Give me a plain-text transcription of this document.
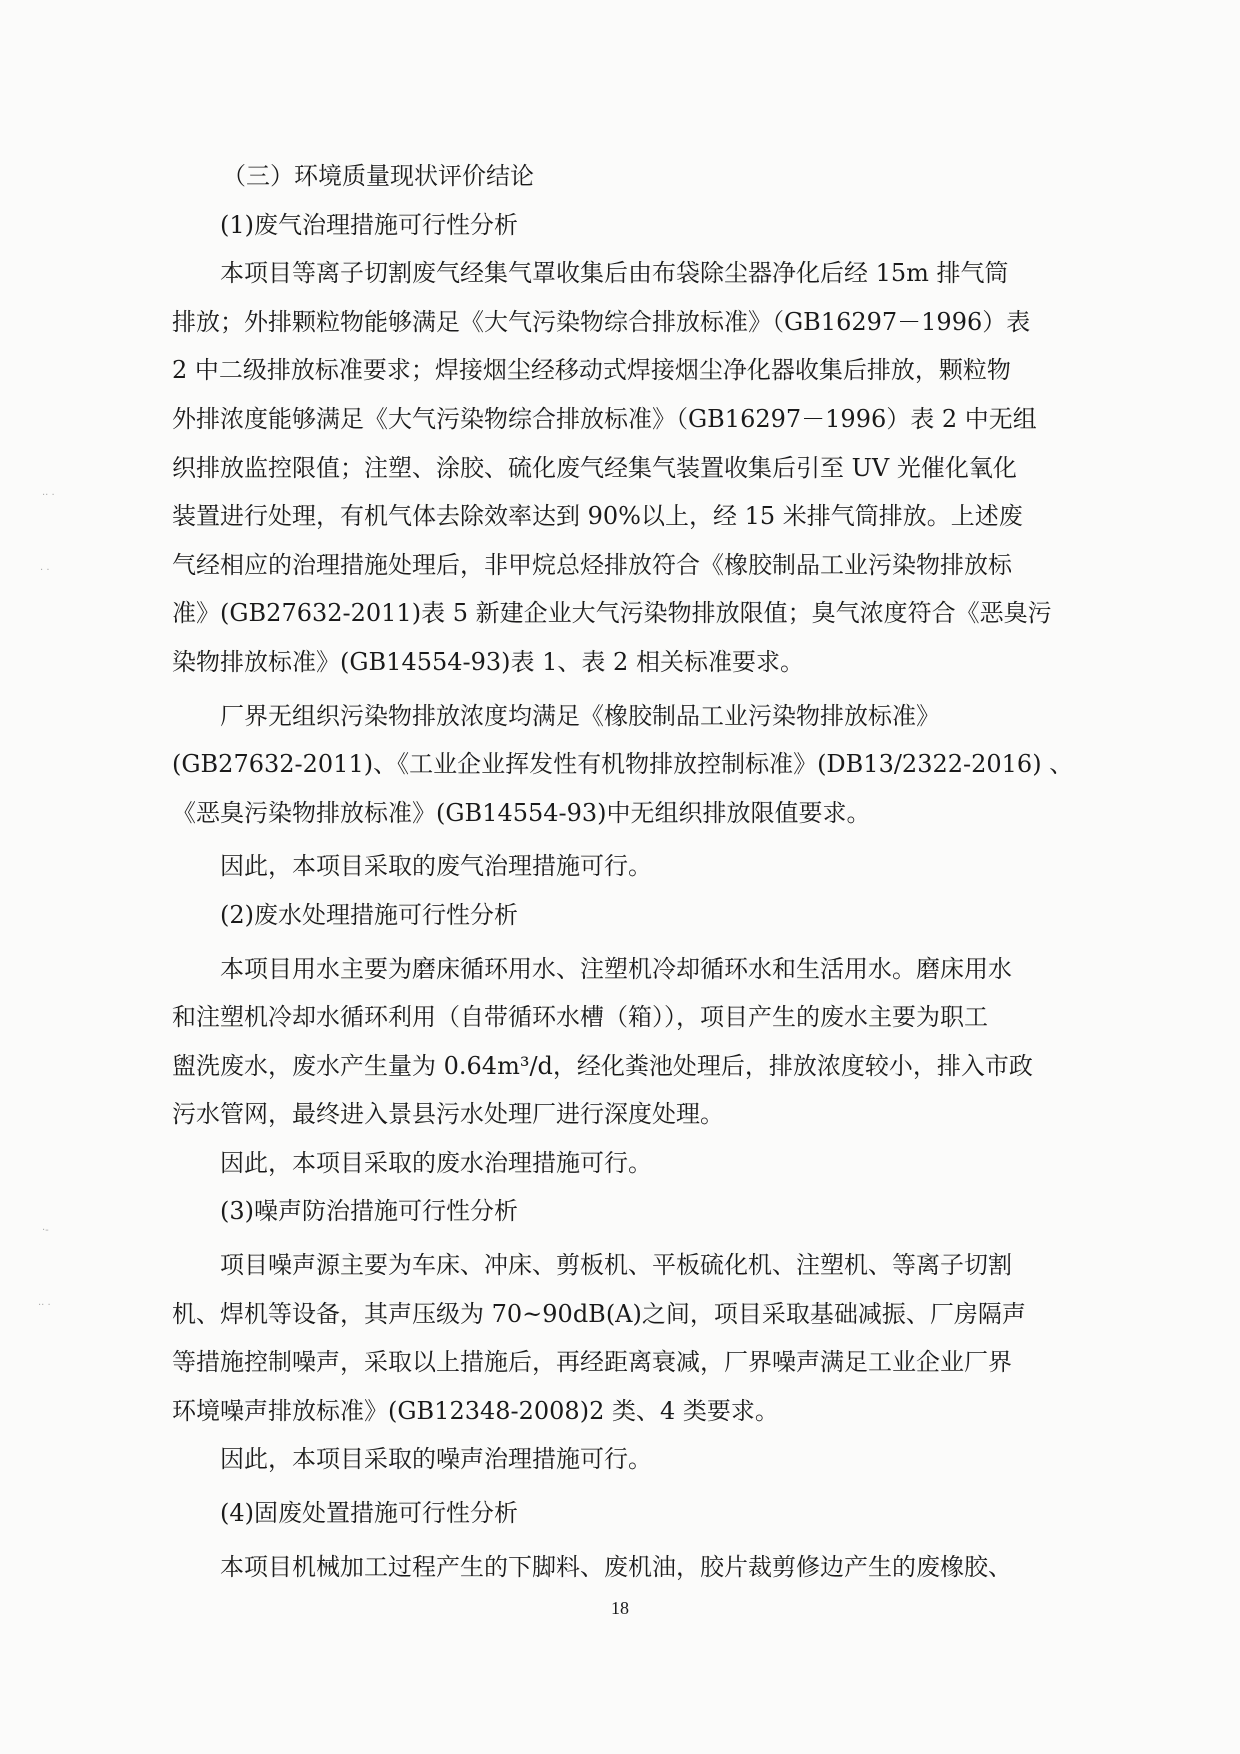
（三）环境质量现状评价结论
(1)废气治理措施可行性分析
本项目等离子切割废气经集气罩收集后由布袋除尘器净化后经 15m 排气筒
排放；外排颗粒物能够满足《大气污染物综合排放标准》（GB16297－1996）表
2 中二级排放标准要求；焊接烟尘经移动式焊接烟尘净化器收集后排放，颗粒物
外排浓度能够满足《大气污染物综合排放标准》（GB16297－1996）表 2 中无组
织排放监控限值；注塑、涂胶、硫化废气经集气装置收集后引至 UV 光催化氧化
装置进行处理，有机气体去除效率达到 90%以上，经 15 米排气筒排放。上述废
气经相应的治理措施处理后，非甲烷总烃排放符合《橡胶制品工业污染物排放标
准》(GB27632-2011)表 5 新建企业大气污染物排放限值；臭气浓度符合《恶臭污
染物排放标准》(GB14554-93)表 1、表 2 相关标准要求。
厂界无组织污染物排放浓度均满足《橡胶制品工业污染物排放标准》
(GB27632-2011)、《工业企业挥发性有机物排放控制标准》(DB13/2322-2016) 、
《恶臭污染物排放标准》(GB14554-93)中无组织排放限值要求。
因此，本项目采取的废气治理措施可行。
(2)废水处理措施可行性分析
本项目用水主要为磨床循环用水、注塑机冷却循环水和生活用水。磨床用水
和注塑机冷却水循环利用（自带循环水槽（箱）），项目产生的废水主要为职工
盥洗废水，废水产生量为 0.64m³/d，经化粪池处理后，排放浓度较小，排入市政
污水管网，最终进入景县污水处理厂进行深度处理。
因此，本项目采取的废水治理措施可行。
(3)噪声防治措施可行性分析
项目噪声源主要为车床、冲床、剪板机、平板硫化机、注塑机、等离子切割
机、焊机等设备，其声压级为 70~90dB(A)之间，项目采取基础减振、厂房隔声
等措施控制噪声，采取以上措施后，再经距离衰减，厂界噪声满足工业企业厂界
环境噪声排放标准》(GB12348-2008)2 类、4 类要求。
因此，本项目采取的噪声治理措施可行。
(4)固废处置措施可行性分析
本项目机械加工过程产生的下脚料、废机油，胶片裁剪修边产生的废橡胶、
18
·· ·
· ·
·-
·· ·
